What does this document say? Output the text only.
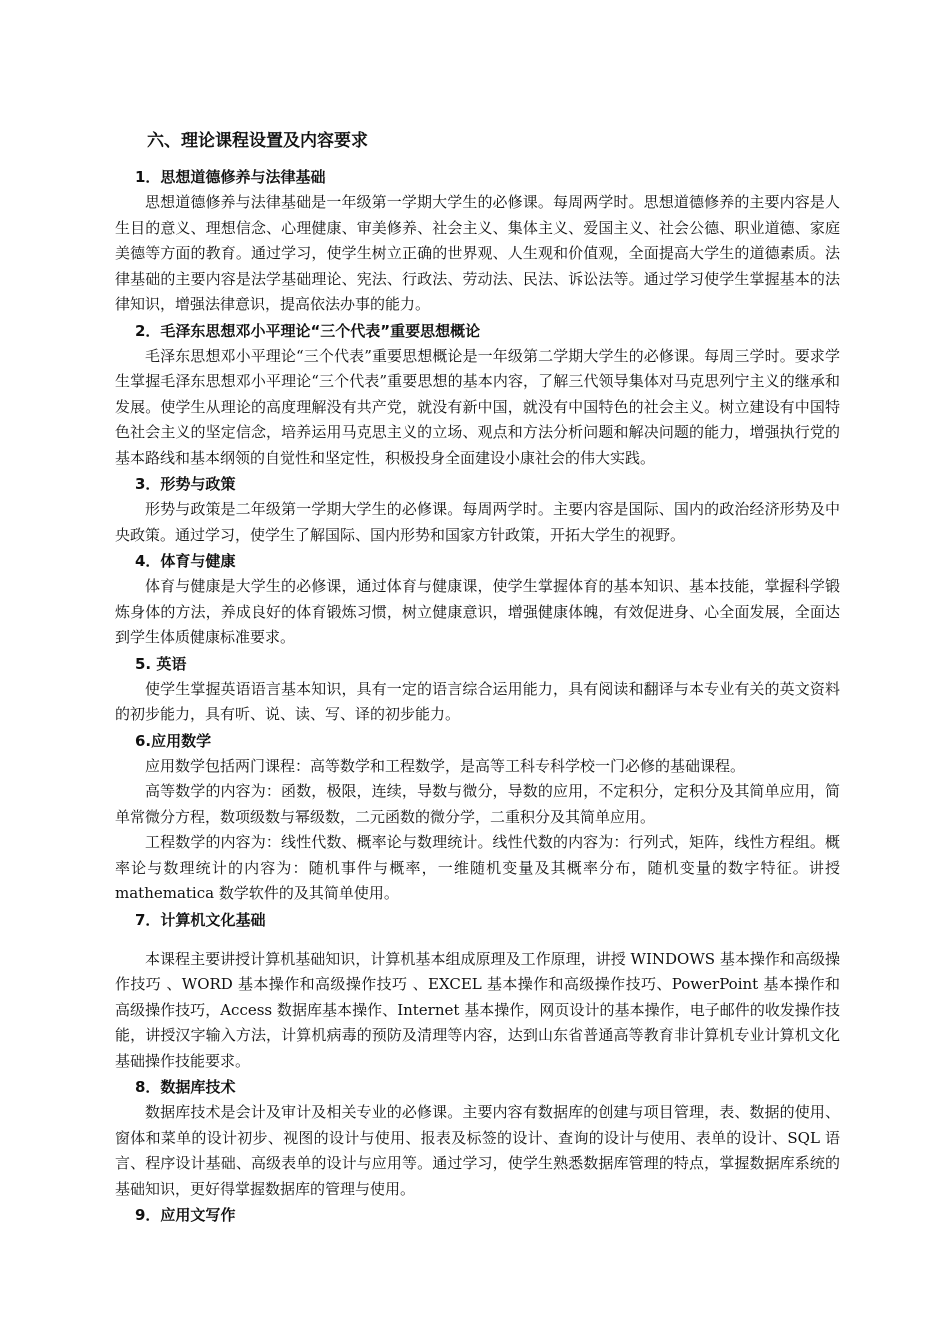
六、理论课程设置及内容要求
1．思想道德修养与法律基础

思想道德修养与法律基础是一年级第一学期大学生的必修课。每周两学时。思想道德修养的主要内容是人生目的意义、理想信念、心理健康、审美修养、社会主义、集体主义、爱国主义、社会公德、职业道德、家庭美德等方面的教育。通过学习，使学生树立正确的世界观、人生观和价值观，全面提高大学生的道德素质。法律基础的主要内容是法学基础理论、宪法、行政法、劳动法、民法、诉讼法等。通过学习使学生掌握基本的法律知识，增强法律意识，提高依法办事的能力。

2．毛泽东思想邓小平理论“三个代表”重要思想概论

毛泽东思想邓小平理论“三个代表”重要思想概论是一年级第二学期大学生的必修课。每周三学时。要求学生掌握毛泽东思想邓小平理论“三个代表”重要思想的基本内容，了解三代领导集体对马克思列宁主义的继承和发展。使学生从理论的高度理解没有共产党，就没有新中国，就没有中国特色的社会主义。树立建设有中国特色社会主义的坚定信念，培养运用马克思主义的立场、观点和方法分析问题和解决问题的能力，增强执行党的基本路线和基本纲领的自觉性和坚定性，积极投身全面建设小康社会的伟大实践。

3．形势与政策

形势与政策是二年级第一学期大学生的必修课。每周两学时。主要内容是国际、国内的政治经济形势及中央政策。通过学习，使学生了解国际、国内形势和国家方针政策，开拓大学生的视野。

4．体育与健康

体育与健康是大学生的必修课，通过体育与健康课，使学生掌握体育的基本知识、基本技能，掌握科学锻炼身体的方法，养成良好的体育锻炼习惯，树立健康意识，增强健康体魄，有效促进身、心全面发展，全面达到学生体质健康标准要求。

5. 英语

使学生掌握英语语言基本知识，具有一定的语言综合运用能力，具有阅读和翻译与本专业有关的英文资料的初步能力，具有听、说、读、写、译的初步能力。

6.应用数学

应用数学包括两门课程：高等数学和工程数学，是高等工科专科学校一门必修的基础课程。

高等数学的内容为：函数，极限，连续，导数与微分，导数的应用，不定积分，定积分及其简单应用，简单常微分方程，数项级数与幂级数，二元函数的微分学，二重积分及其简单应用。

工程数学的内容为：线性代数、概率论与数理统计。线性代数的内容为：行列式，矩阵，线性方程组。概率论与数理统计的内容为：随机事件与概率，一维随机变量及其概率分布，随机变量的数字特征。讲授 mathematica 数学软件的及其简单使用。

7．计算机文化基础

本课程主要讲授计算机基础知识，计算机基本组成原理及工作原理，讲授 WINDOWS 基本操作和高级操作技巧 、WORD 基本操作和高级操作技巧 、EXCEL 基本操作和高级操作技巧、PowerPoint 基本操作和高级操作技巧，Access 数据库基本操作、Internet 基本操作，网页设计的基本操作，电子邮件的收发操作技能，讲授汉字输入方法，计算机病毒的预防及清理等内容，达到山东省普通高等教育非计算机专业计算机文化基础操作技能要求。

8．数据库技术

数据库技术是会计及审计及相关专业的必修课。主要内容有数据库的创建与项目管理，表、数据的使用、窗体和菜单的设计初步、视图的设计与使用、报表及标签的设计、查询的设计与使用、表单的设计、SQL 语言、程序设计基础、高级表单的设计与应用等。通过学习，使学生熟悉数据库管理的特点，掌握数据库系统的基础知识，更好得掌握数据库的管理与使用。

9．应用文写作
